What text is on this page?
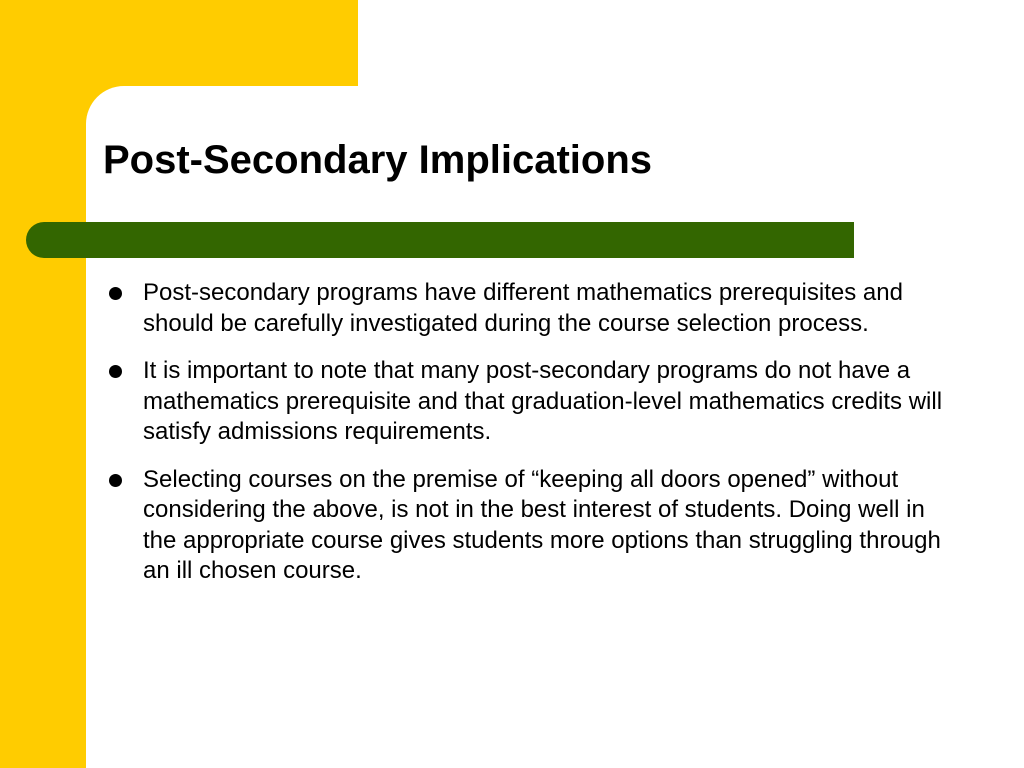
Post-Secondary Implications
Post-secondary programs have different mathematics prerequisites and should be carefully investigated during the course selection process.
It is important to note that many post-secondary programs do not have a mathematics prerequisite and that graduation-level mathematics credits will satisfy admissions requirements.
Selecting courses on the premise of “keeping all doors opened” without considering the above, is not in the best interest of students. Doing well in the appropriate course gives students more options than struggling through an ill chosen course.
